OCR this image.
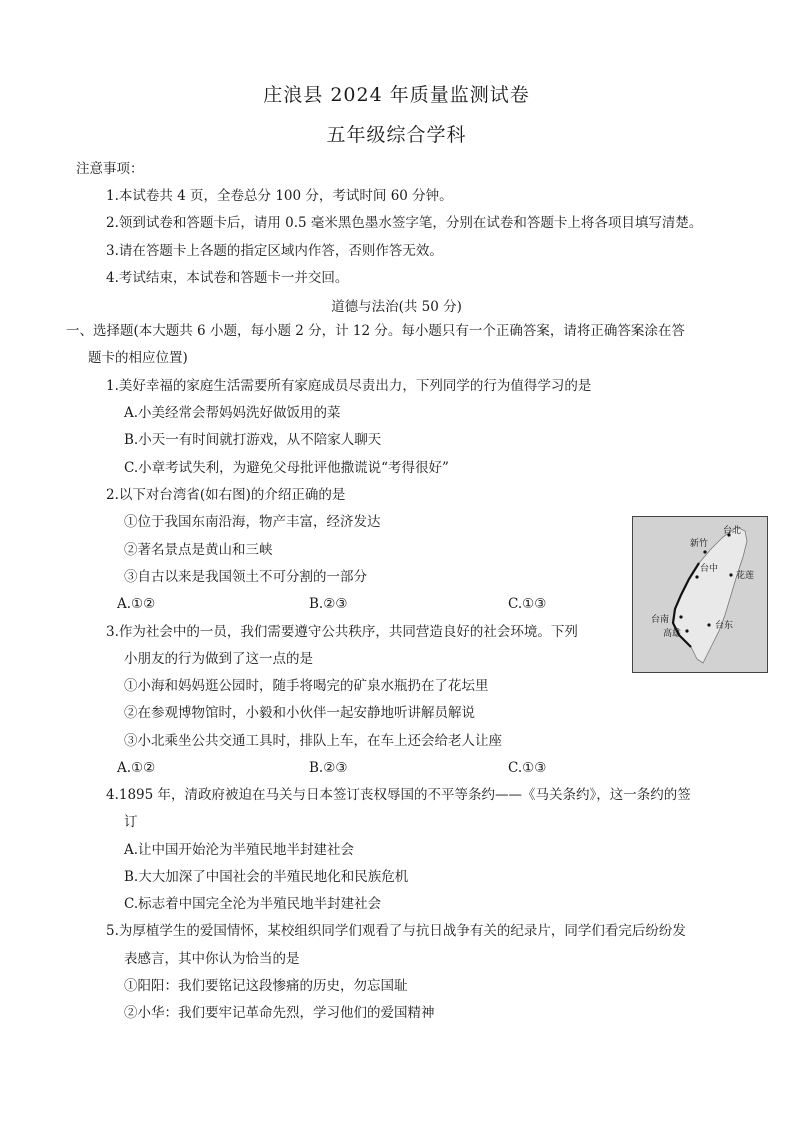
庄浪县 2024 年质量监测试卷
五年级综合学科
注意事项：
1.本试卷共 4 页，全卷总分 100 分，考试时间 60 分钟。
2.领到试卷和答题卡后，请用 0.5 毫米黑色墨水签字笔，分别在试卷和答题卡上将各项目填写清楚。
3.请在答题卡上各题的指定区域内作答，否则作答无效。
4.考试结束，本试卷和答题卡一并交回。
道德与法治(共 50 分)
一、选择题(本大题共 6 小题，每小题 2 分，计 12 分。每小题只有一个正确答案，请将正确答案涂在答
题卡的相应位置)
1.美好幸福的家庭生活需要所有家庭成员尽责出力，下列同学的行为值得学习的是
A.小美经常会帮妈妈洗好做饭用的菜
B.小天一有时间就打游戏，从不陪家人聊天
C.小章考试失利，为避免父母批评他撒谎说“考得很好”
2.以下对台湾省(如右图)的介绍正确的是
①位于我国东南沿海，物产丰富，经济发达
②著名景点是黄山和三峡
③自古以来是我国领土不可分割的一部分
A.①②	B.②③	C.①③
台北
新竹
台中
花莲
台南
台东
高雄
3.作为社会中的一员，我们需要遵守公共秩序，共同营造良好的社会环境。下列
小朋友的行为做到了这一点的是
①小海和妈妈逛公园时，随手将喝完的矿泉水瓶扔在了花坛里
②在参观博物馆时，小毅和小伙伴一起安静地听讲解员解说
③小北乘坐公共交通工具时，排队上车，在车上还会给老人让座
A.①②	B.②③	C.①③
4.1895 年，清政府被迫在马关与日本签订丧权辱国的不平等条约——《马关条约》，这一条约的签
订
A.让中国开始沦为半殖民地半封建社会
B.大大加深了中国社会的半殖民地化和民族危机
C.标志着中国完全沦为半殖民地半封建社会
5.为厚植学生的爱国情怀，某校组织同学们观看了与抗日战争有关的纪录片，同学们看完后纷纷发
表感言，其中你认为恰当的是
①阳阳：我们要铭记这段惨痛的历史，勿忘国耻
②小华：我们要牢记革命先烈，学习他们的爱国精神
